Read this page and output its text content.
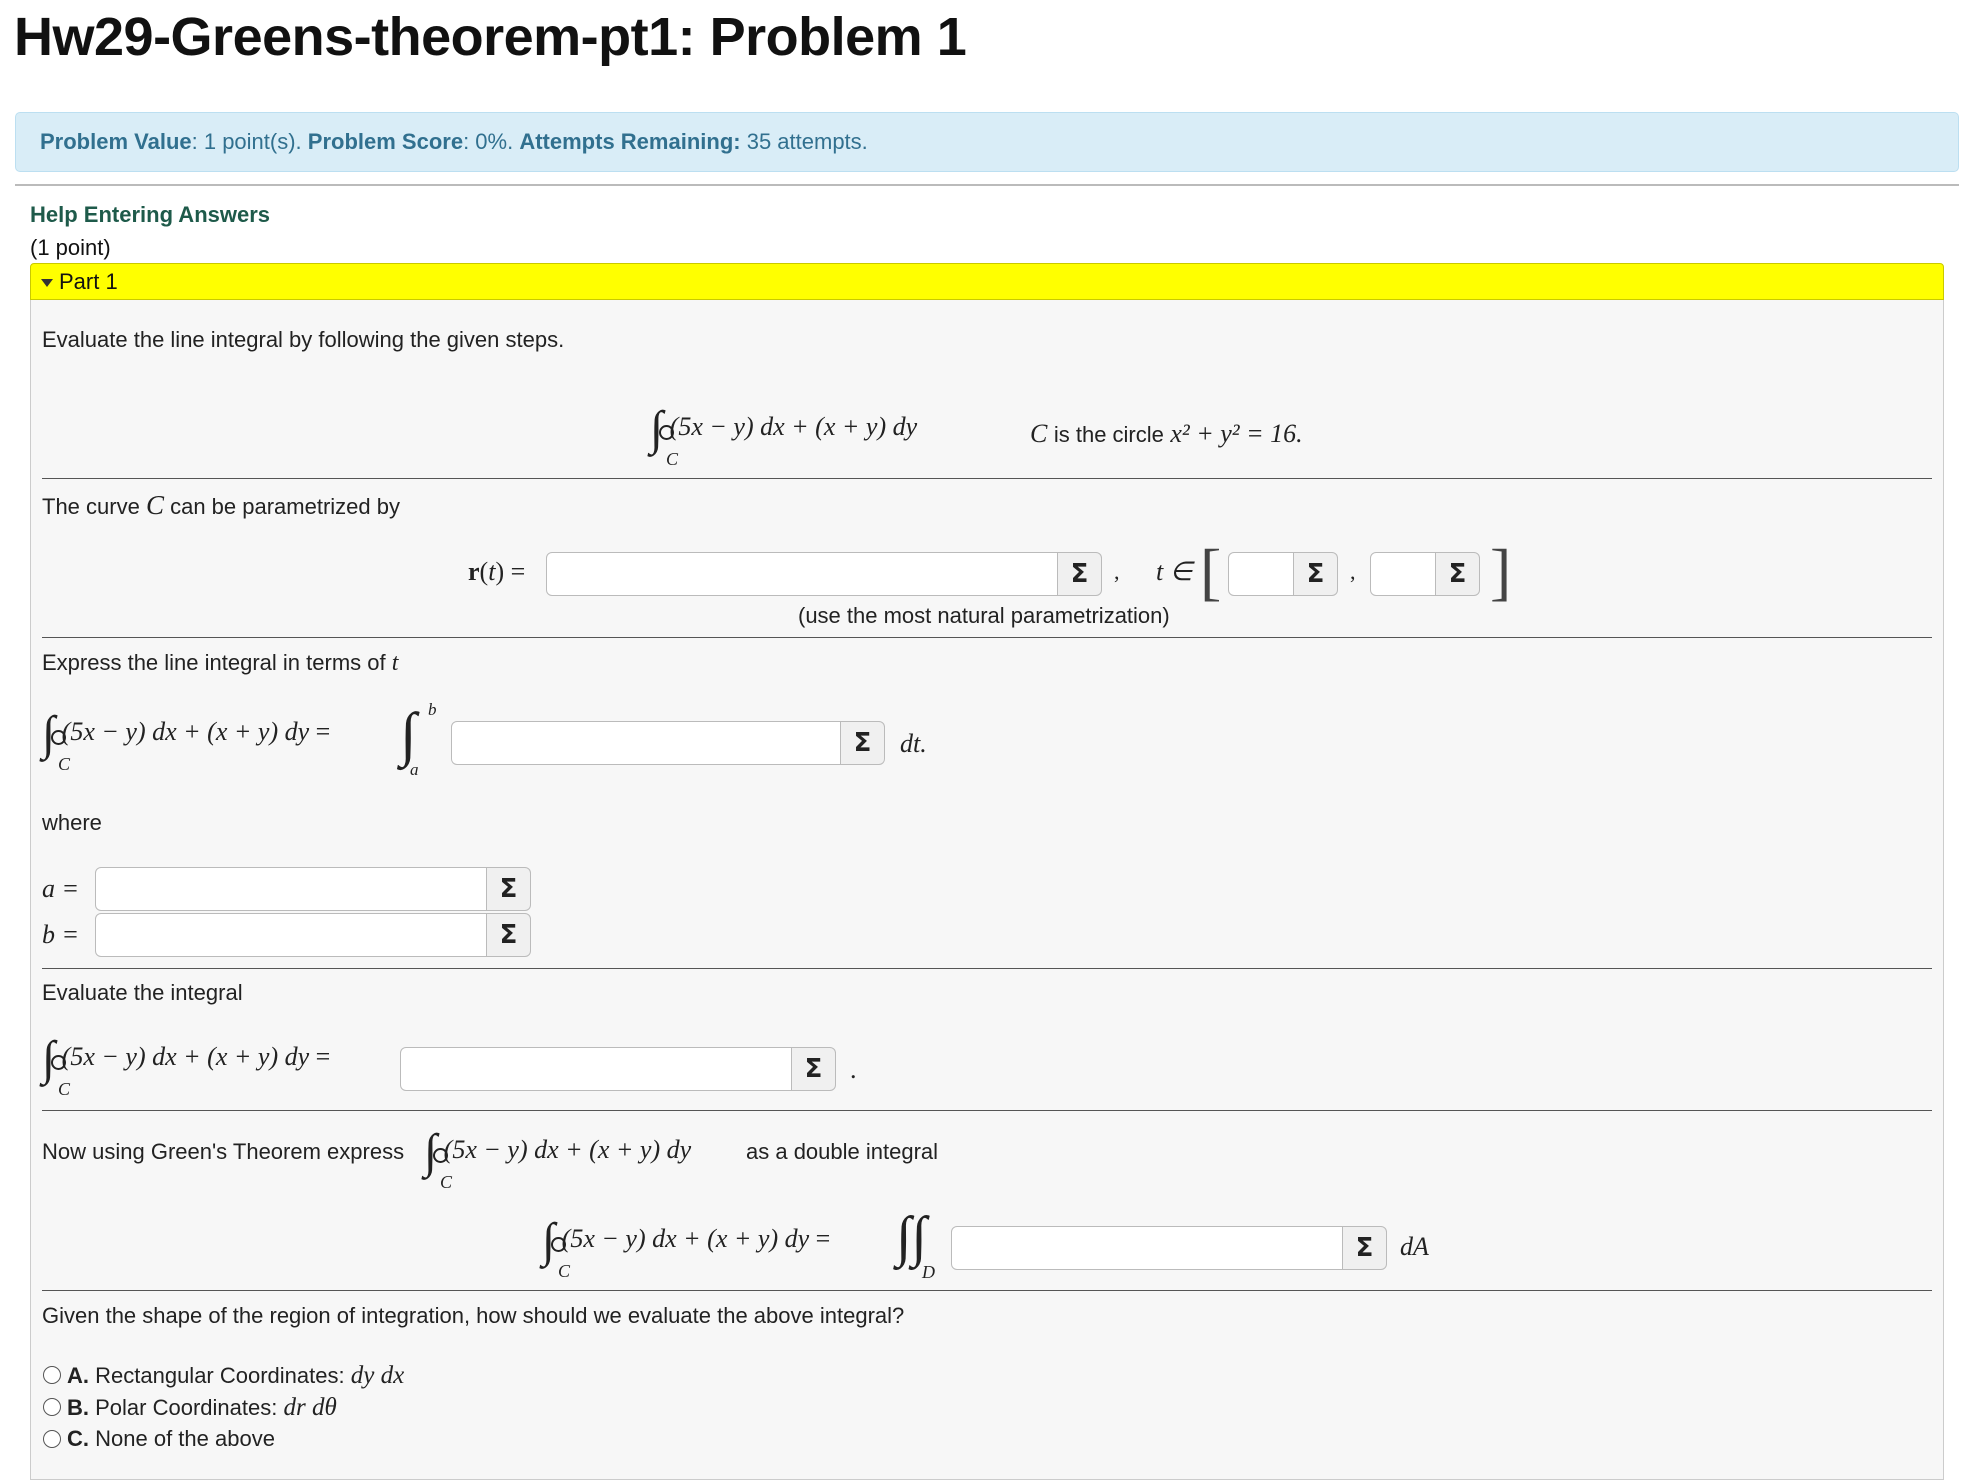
Hw29-Greens-theorem-pt1: Problem 1
Problem Value: 1 point(s). Problem Score: 0%. Attempts Remaining: 35 attempts.
Help Entering Answers
(1 point)
Part 1
Evaluate the line integral by following the given steps.
∫ (5x − y) dx + (x + y) dy
C
C is the circle x² + y² = 16.
The curve C can be parametrized by
r(t) =	Σ	, t ∈ [	Σ	,	Σ ]
(use the most natural parametrization)
Express the line integral in terms of t
∫ (5x − y) dx + (x + y) dy =
C	∫ b
a
Σ	dt.
where
a =	Σ
b =	Σ
Evaluate the integral
∫ (5x − y) dx + (x + y) dy =
C
Σ	.
Now using Green's Theorem express ∫ (5x − y) dx + (x + y) dy
C
as a double integral
∫ (5x − y) dx + (x + y) dy =
C
∫∫
D
Σ	dA
Given the shape of the region of integration, how should we evaluate the above integral?
A. Rectangular Coordinates: dy dx
B. Polar Coordinates: dr dθ
C. None of the above
